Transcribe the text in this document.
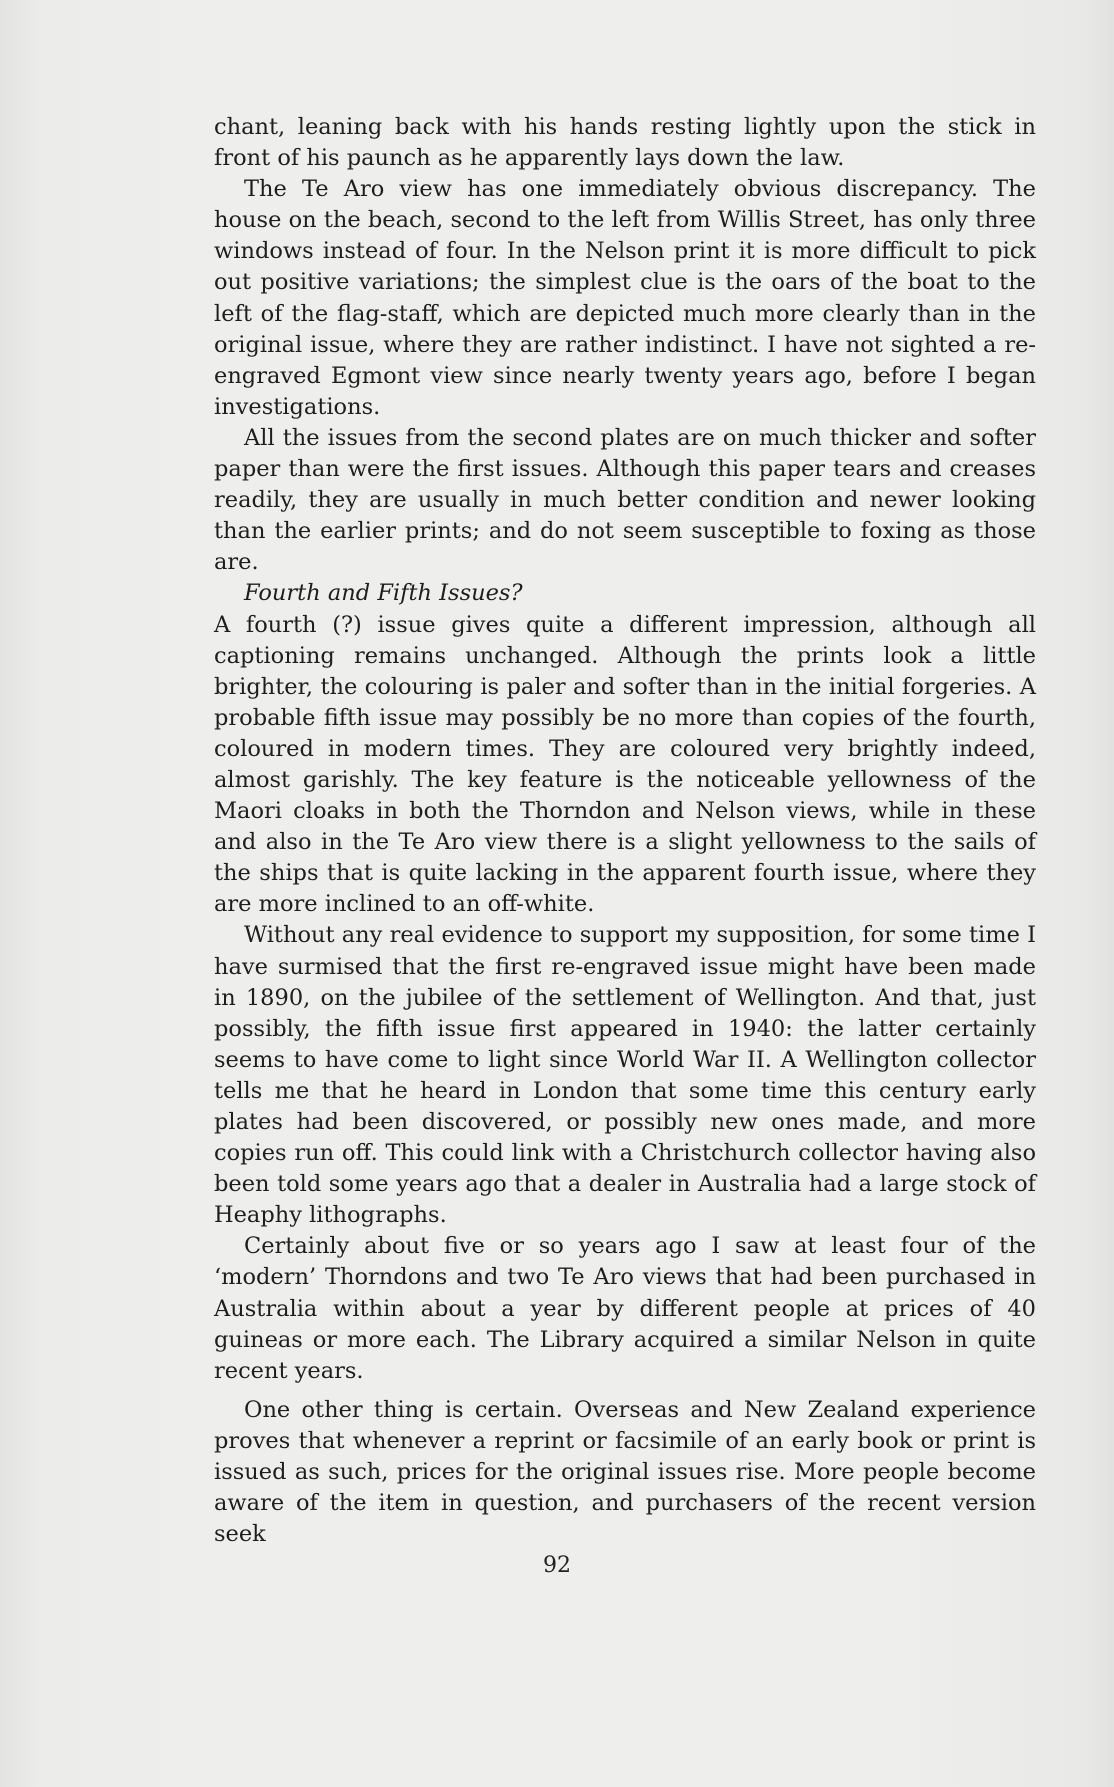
chant, leaning back with his hands resting lightly upon the stick in front of his paunch as he apparently lays down the law.

The Te Aro view has one immediately obvious discrepancy. The house on the beach, second to the left from Willis Street, has only three windows instead of four. In the Nelson print it is more difficult to pick out positive variations; the simplest clue is the oars of the boat to the left of the flag-staff, which are depicted much more clearly than in the original issue, where they are rather indistinct. I have not sighted a re-engraved Egmont view since nearly twenty years ago, before I began investigations.

All the issues from the second plates are on much thicker and softer paper than were the first issues. Although this paper tears and creases readily, they are usually in much better condition and newer looking than the earlier prints; and do not seem susceptible to foxing as those are.

Fourth and Fifth Issues?

A fourth (?) issue gives quite a different impression, although all captioning remains unchanged. Although the prints look a little brighter, the colouring is paler and softer than in the initial forgeries. A probable fifth issue may possibly be no more than copies of the fourth, coloured in modern times. They are coloured very brightly indeed, almost garishly. The key feature is the noticeable yellowness of the Maori cloaks in both the Thorndon and Nelson views, while in these and also in the Te Aro view there is a slight yellowness to the sails of the ships that is quite lacking in the apparent fourth issue, where they are more inclined to an off-white.

Without any real evidence to support my supposition, for some time I have surmised that the first re-engraved issue might have been made in 1890, on the jubilee of the settlement of Wellington. And that, just possibly, the fifth issue first appeared in 1940: the latter certainly seems to have come to light since World War II. A Wellington collector tells me that he heard in London that some time this century early plates had been discovered, or possibly new ones made, and more copies run off. This could link with a Christchurch collector having also been told some years ago that a dealer in Australia had a large stock of Heaphy lithographs.

Certainly about five or so years ago I saw at least four of the ‘modern’ Thorndons and two Te Aro views that had been purchased in Australia within about a year by different people at prices of 40 guineas or more each. The Library acquired a similar Nelson in quite recent years.

One other thing is certain. Overseas and New Zealand experience proves that whenever a reprint or facsimile of an early book or print is issued as such, prices for the original issues rise. More people become aware of the item in question, and purchasers of the recent version seek

92
